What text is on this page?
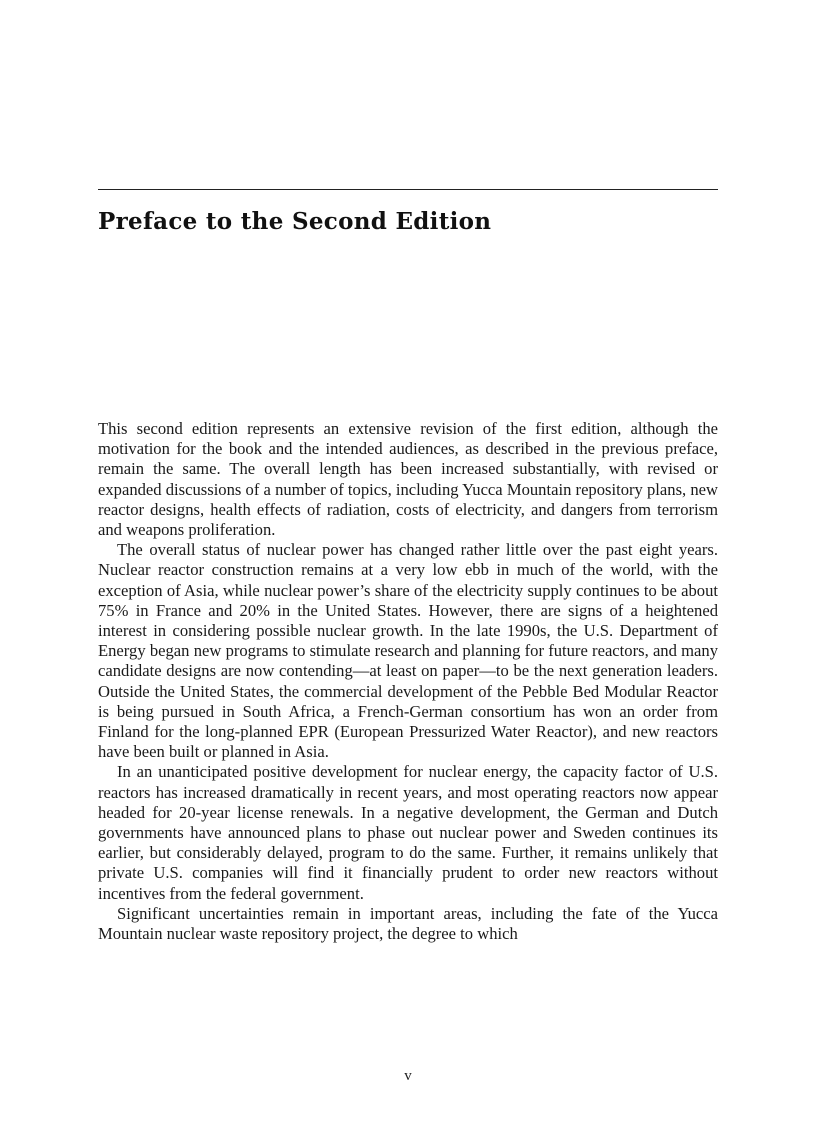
Preface to the Second Edition

This second edition represents an extensive revision of the first edition, although the motivation for the book and the intended audiences, as described in the previous preface, remain the same. The overall length has been increased substantially, with revised or expanded discussions of a number of topics, including Yucca Mountain repository plans, new reactor designs, health effects of radiation, costs of electricity, and dangers from terrorism and weapons proliferation.

The overall status of nuclear power has changed rather little over the past eight years. Nuclear reactor construction remains at a very low ebb in much of the world, with the exception of Asia, while nuclear power’s share of the electricity supply continues to be about 75% in France and 20% in the United States. However, there are signs of a heightened interest in considering possible nuclear growth. In the late 1990s, the U.S. Department of Energy began new programs to stimulate research and planning for future reactors, and many candidate designs are now contending—at least on paper—to be the next generation leaders. Outside the United States, the commercial development of the Pebble Bed Modular Reactor is being pursued in South Africa, a French-German consortium has won an order from Finland for the long-planned EPR (European Pressurized Water Reactor), and new reactors have been built or planned in Asia.

In an unanticipated positive development for nuclear energy, the capacity factor of U.S. reactors has increased dramatically in recent years, and most operating reactors now appear headed for 20-year license renewals. In a negative development, the German and Dutch governments have announced plans to phase out nuclear power and Sweden continues its earlier, but considerably delayed, program to do the same. Further, it remains unlikely that private U.S. companies will find it financially prudent to order new reactors without incentives from the federal government.

Significant uncertainties remain in important areas, including the fate of the Yucca Mountain nuclear waste repository project, the degree to which

v
